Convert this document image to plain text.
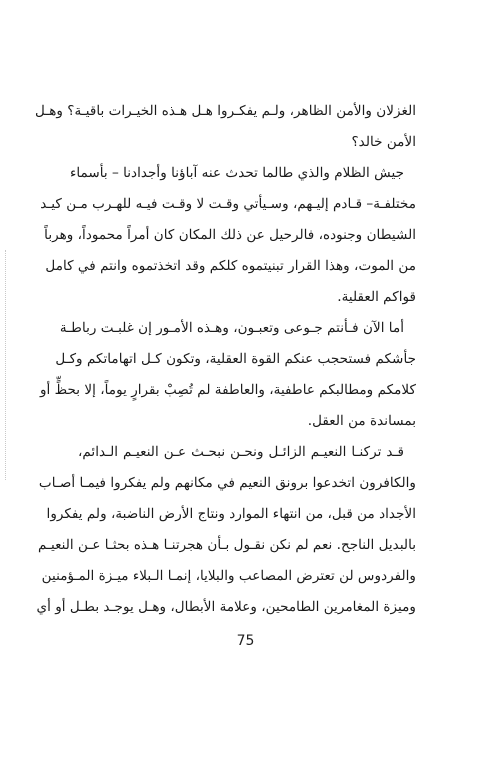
الغزلان والأمن الظاهر، ولـم يفكـروا هـل هـذه الخيـرات باقيـة؟ وهـل
الأمن خالد؟
جيش الظلام والذي طالما تحدث عنه آباؤنا وأجدادنا – بأسماء
مختلفـة– قـادم إليـهم، وسـيأتي وقـت لا وقـت فيـه للهـرب مـن كيـد
الشيطان وجنوده، فالرحيل عن ذلك المكان كان أمراً محموداً، وهرباً
من الموت، وهذا القرار تبنيتموه كلكم وقد اتخذتموه وانتم في كامل
قواكم العقلية.
أما الآن فـأنتم جـوعى وتعبـون، وهـذه الأمـور إن غلبـت رباطـة
جأشكم فستحجب عنكم القوة العقلية، وتكون كـل اتهاماتكم وكـل
كلامكم ومطالبكم عاطفية، والعاطفة لم تُصِبْ بقرارٍ يوماً، إلا بحظٍّ أو
بمساندة من العقل.
قـد تركنـا النعيـم الزائـل ونحـن نبحـث عـن النعيـم الـدائم،
والكافرون اتخدعوا برونق النعيم في مكانهم ولم يفكروا فيمـا أصـاب
الأجداد من قبل، من انتهاء الموارد ونتاج الأرض الناضبة، ولم يفكروا
بالبديل الناجح. نعم لم نكن نقـول بـأن هجرتنـا هـذه بحثـا عـن النعيـم
والفردوس لن تعترض المصاعب والبلايا، إنمـا الـبلاء ميـزة المـؤمنين
وميزة المغامرين الطامحين، وعلامة الأبطال، وهـل يوجـد بطـل أو أي
75
